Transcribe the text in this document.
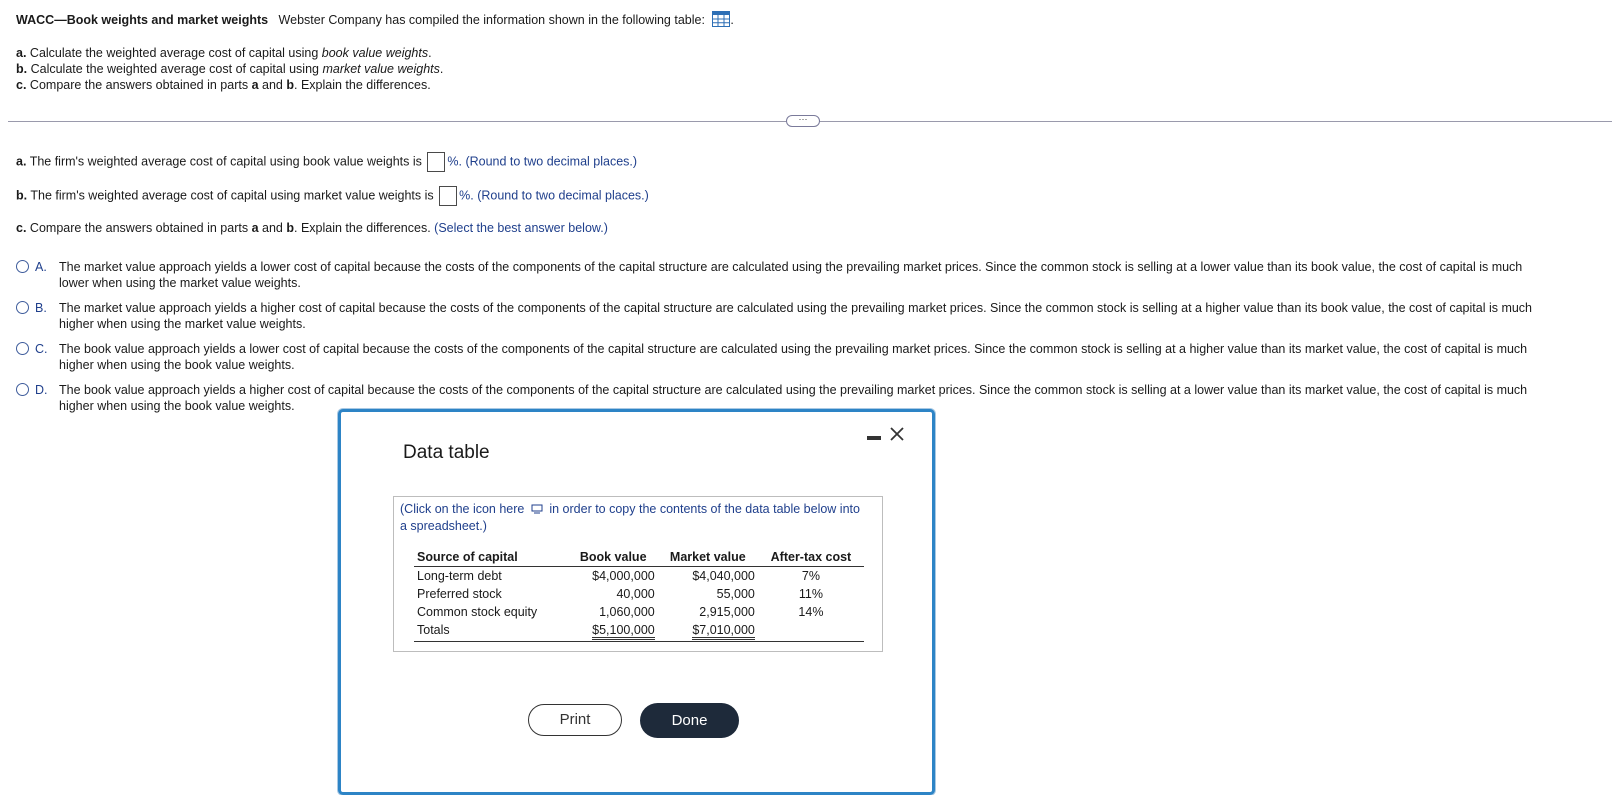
WACC—Book weights and market weights Webster Company has compiled the information shown in the following table: .
a. Calculate the weighted average cost of capital using book value weights.
b. Calculate the weighted average cost of capital using market value weights.
c. Compare the answers obtained in parts a and b. Explain the differences.
···
a. The firm's weighted average cost of capital using book value weights is %. (Round to two decimal places.)
b. The firm's weighted average cost of capital using market value weights is %. (Round to two decimal places.)
c. Compare the answers obtained in parts a and b. Explain the differences. (Select the best answer below.)
A. The market value approach yields a lower cost of capital because the costs of the components of the capital structure are calculated using the prevailing market prices. Since the common stock is selling at a lower value than its book value, the cost of capital is much
lower when using the market value weights.
B. The market value approach yields a higher cost of capital because the costs of the components of the capital structure are calculated using the prevailing market prices. Since the common stock is selling at a higher value than its book value, the cost of capital is much
higher when using the market value weights.
C. The book value approach yields a lower cost of capital because the costs of the components of the capital structure are calculated using the prevailing market prices. Since the common stock is selling at a higher value than its market value, the cost of capital is much
higher when using the book value weights.
D. The book value approach yields a higher cost of capital because the costs of the components of the capital structure are calculated using the prevailing market prices. Since the common stock is selling at a lower value than its market value, the cost of capital is much
higher when using the book value weights.
Data table
(Click on the icon here in order to copy the contents of the data table below into a spreadsheet.)
Source of capital	Book value	Market value	After-tax cost
Long-term debt	$4,000,000	$4,040,000	7%
Preferred stock	40,000	55,000	11%
Common stock equity	1,060,000	2,915,000	14%
Totals	$5,100,000	$7,010,000	
Print	Done
